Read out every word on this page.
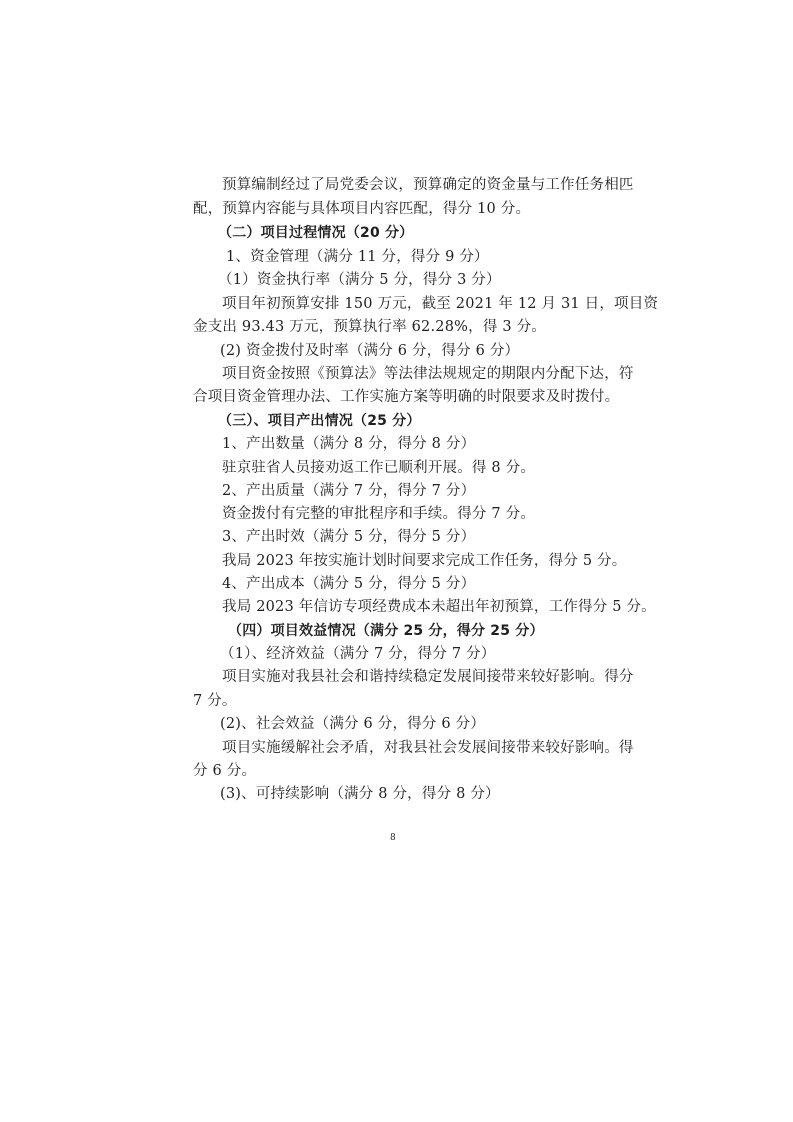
预算编制经过了局党委会议，预算确定的资金量与工作任务相匹
配，预算内容能与具体项目内容匹配，得分 10 分。
（二）项目过程情况（20 分）
1、资金管理（满分 11 分，得分 9 分）
（1）资金执行率（满分 5 分，得分 3 分）
项目年初预算安排 150 万元，截至 2021 年 12 月 31 日，项目资
金支出 93.43 万元，预算执行率 62.28%，得 3 分。
(2) 资金拨付及时率（满分 6 分，得分 6 分）
项目资金按照《预算法》等法律法规规定的期限内分配下达，符
合项目资金管理办法、工作实施方案等明确的时限要求及时拨付。
（三）、项目产出情况（25 分）
1、产出数量（满分 8 分，得分 8 分）
驻京驻省人员接劝返工作已顺利开展。得 8 分。
2、产出质量（满分 7 分，得分 7 分）
资金拨付有完整的审批程序和手续。得分 7 分。
3、产出时效（满分 5 分，得分 5 分）
我局 2023 年按实施计划时间要求完成工作任务，得分 5 分。
4、产出成本（满分 5 分，得分 5 分）
我局 2023 年信访专项经费成本未超出年初预算，工作得分 5 分。
（四）项目效益情况（满分 25 分，得分 25 分）
（1）、经济效益（满分 7 分，得分 7 分）
项目实施对我县社会和谐持续稳定发展间接带来较好影响。得分
7 分。
(2)、社会效益（满分 6 分，得分 6 分）
项目实施缓解社会矛盾，对我县社会发展间接带来较好影响。得
分 6 分。
(3)、可持续影响（满分 8 分，得分 8 分）
8
